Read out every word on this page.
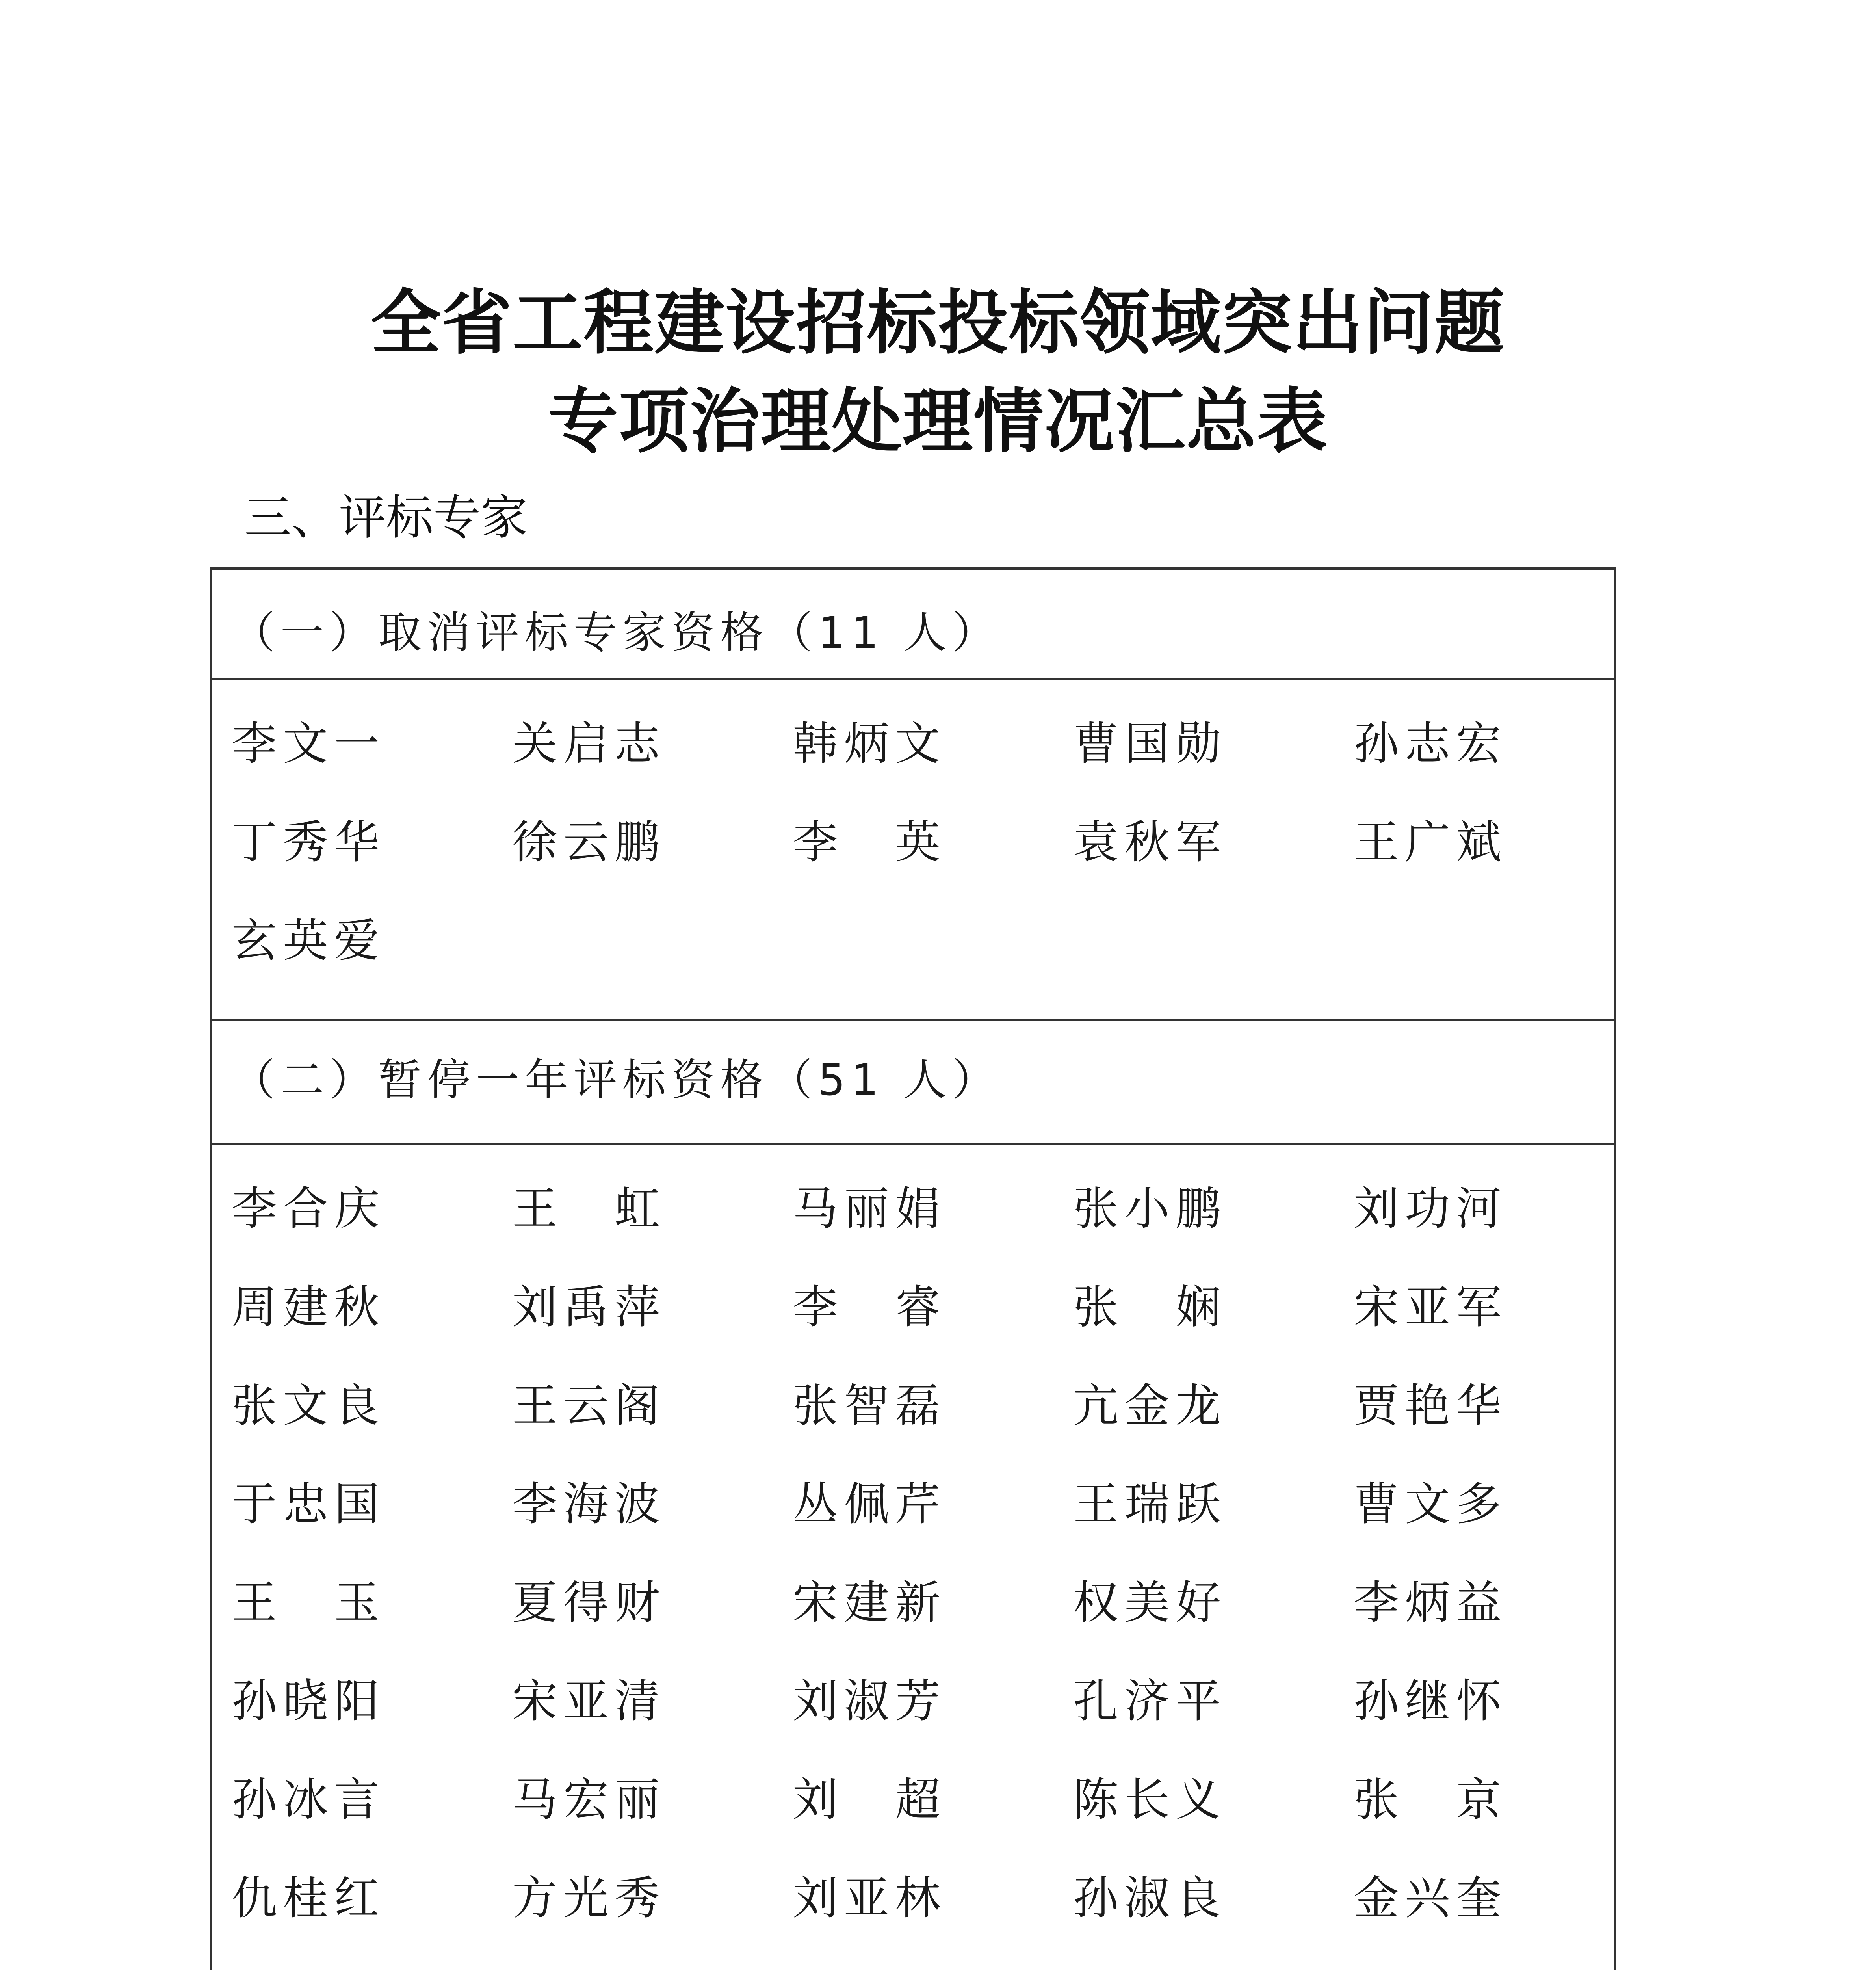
全省工程建设招标投标领域突出问题
专项治理处理情况汇总表
三、评标专家
（一）取消评标专家资格（11 人）
李文一	关启志	韩炳文	曹国勋	孙志宏
丁秀华	徐云鹏	李　英	袁秋军	王广斌
玄英爱
（二）暂停一年评标资格（51 人）
李合庆	王　虹	马丽娟	张小鹏	刘功河
周建秋	刘禹萍	李　睿	张　娴	宋亚军
张文良	王云阁	张智磊	亢金龙	贾艳华
于忠国	李海波	丛佩芹	王瑞跃	曹文多
王　玉	夏得财	宋建新	权美好	李炳益
孙晓阳	宋亚清	刘淑芳	孔济平	孙继怀
孙冰言	马宏丽	刘　超	陈长义	张　京
仇桂红	方光秀	刘亚林	孙淑良	金兴奎
